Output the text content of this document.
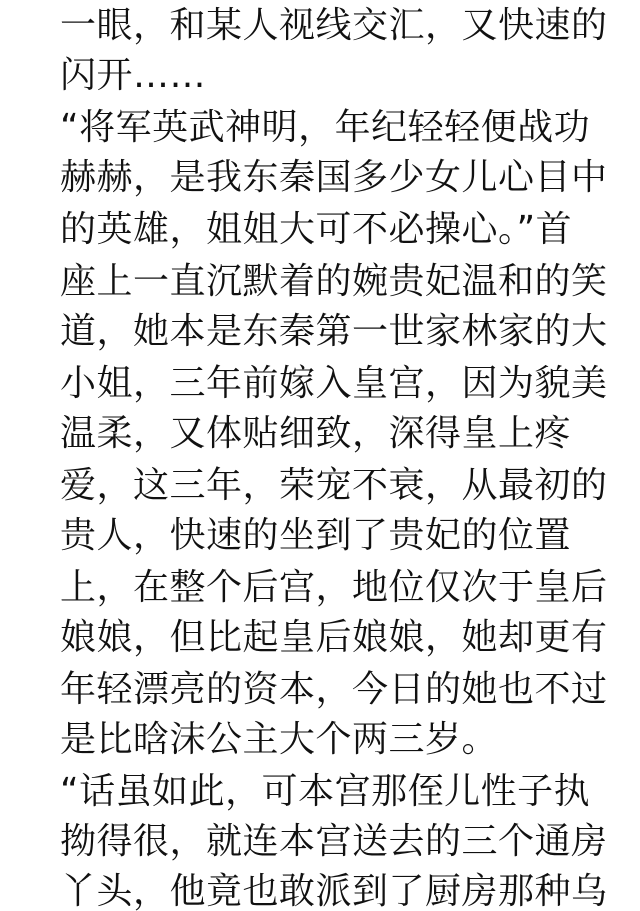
一眼，和某人视线交汇，又快速的
闪开……
“将军英武神明，年纪轻轻便战功
赫赫，是我东秦国多少女儿心目中
的英雄，姐姐大可不必操心。”首
座上一直沉默着的婉贵妃温和的笑
道，她本是东秦第一世家林家的大
小姐，三年前嫁入皇宫，因为貌美
温柔，又体贴细致，深得皇上疼
爱，这三年，荣宠不衰，从最初的
贵人，快速的坐到了贵妃的位置
上，在整个后宫，地位仅次于皇后
娘娘，但比起皇后娘娘，她却更有
年轻漂亮的资本，今日的她也不过
是比晗沫公主大个两三岁。
“话虽如此，可本宫那侄儿性子执
拗得很，就连本宫送去的三个通房
丫头，他竟也敢派到了厨房那种乌
